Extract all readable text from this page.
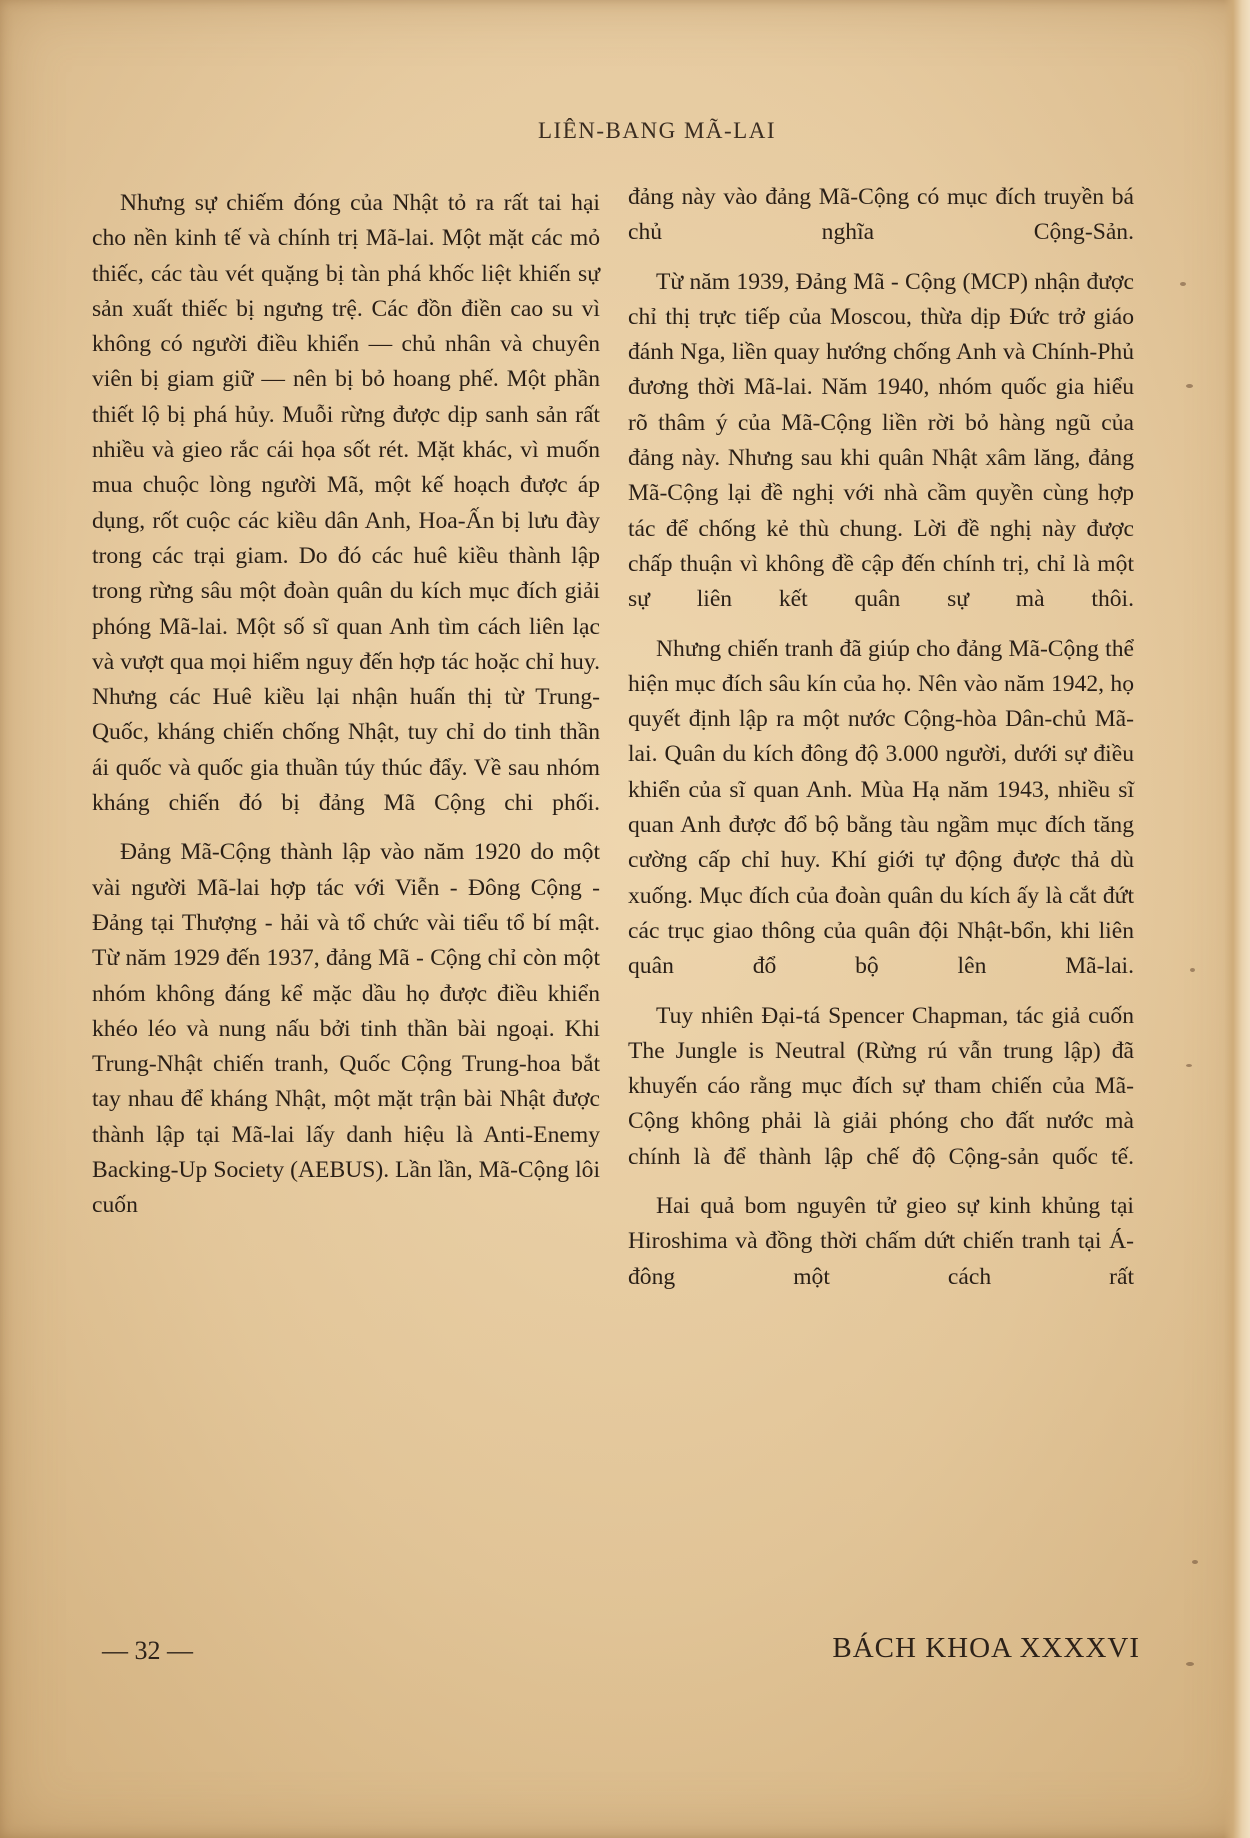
LIÊN-BANG MÃ-LAI

Nhưng sự chiếm đóng của Nhật tỏ ra rất tai hại cho nền kinh tế và chính trị Mã-lai. Một mặt các mỏ thiếc, các tàu vét quặng bị tàn phá khốc liệt khiến sự sản xuất thiếc bị ngưng trệ. Các đồn điền cao su vì không có người điều khiển — chủ nhân và chuyên viên bị giam giữ — nên bị bỏ hoang phế. Một phần thiết lộ bị phá hủy. Muỗi rừng được dịp sanh sản rất nhiều và gieo rắc cái họa sốt rét. Mặt khác, vì muốn mua chuộc lòng người Mã, một kế hoạch được áp dụng, rốt cuộc các kiều dân Anh, Hoa-Ấn bị lưu đày trong các trại giam. Do đó các huê kiều thành lập trong rừng sâu một đoàn quân du kích mục đích giải phóng Mã-lai. Một số sĩ quan Anh tìm cách liên lạc và vượt qua mọi hiểm nguy đến hợp tác hoặc chỉ huy. Nhưng các Huê kiều lại nhận huấn thị từ Trung-Quốc, kháng chiến chống Nhật, tuy chỉ do tinh thần ái quốc và quốc gia thuần túy thúc đẩy. Về sau nhóm kháng chiến đó bị đảng Mã Cộng chi phối.

Đảng Mã-Cộng thành lập vào năm 1920 do một vài người Mã-lai hợp tác với Viễn - Đông Cộng - Đảng tại Thượng - hải và tổ chức vài tiểu tổ bí mật. Từ năm 1929 đến 1937, đảng Mã - Cộng chỉ còn một nhóm không đáng kể mặc dầu họ được điều khiển khéo léo và nung nấu bởi tinh thần bài ngoại. Khi Trung-Nhật chiến tranh, Quốc Cộng Trung-hoa bắt tay nhau để kháng Nhật, một mặt trận bài Nhật được thành lập tại Mã-lai lấy danh hiệu là Anti-Enemy Backing-Up Society (AEBUS). Lần lần, Mã-Cộng lôi cuốn

đảng này vào đảng Mã-Cộng có mục đích truyền bá chủ nghĩa Cộng-Sản.

Từ năm 1939, Đảng Mã - Cộng (MCP) nhận được chỉ thị trực tiếp của Moscou, thừa dịp Đức trở giáo đánh Nga, liền quay hướng chống Anh và Chính-Phủ đương thời Mã-lai. Năm 1940, nhóm quốc gia hiểu rõ thâm ý của Mã-Cộng liền rời bỏ hàng ngũ của đảng này. Nhưng sau khi quân Nhật xâm lăng, đảng Mã-Cộng lại đề nghị với nhà cầm quyền cùng hợp tác để chống kẻ thù chung. Lời đề nghị này được chấp thuận vì không đề cập đến chính trị, chỉ là một sự liên kết quân sự mà thôi.

Nhưng chiến tranh đã giúp cho đảng Mã-Cộng thể hiện mục đích sâu kín của họ. Nên vào năm 1942, họ quyết định lập ra một nước Cộng-hòa Dân-chủ Mã-lai. Quân du kích đông độ 3.000 người, dưới sự điều khiển của sĩ quan Anh. Mùa Hạ năm 1943, nhiều sĩ quan Anh được đổ bộ bằng tàu ngầm mục đích tăng cường cấp chỉ huy. Khí giới tự động được thả dù xuống. Mục đích của đoàn quân du kích ấy là cắt đứt các trục giao thông của quân đội Nhật-bổn, khi liên quân đổ bộ lên Mã-lai.

Tuy nhiên Đại-tá Spencer Chapman, tác giả cuốn The Jungle is Neutral (Rừng rú vẫn trung lập) đã khuyến cáo rằng mục đích sự tham chiến của Mã-Cộng không phải là giải phóng cho đất nước mà chính là để thành lập chế độ Cộng-sản quốc tế.

Hai quả bom nguyên tử gieo sự kinh khủng tại Hiroshima và đồng thời chấm dứt chiến tranh tại Á-đông một cách rất

— 32 —	BÁCH KHOA XXXXVI
